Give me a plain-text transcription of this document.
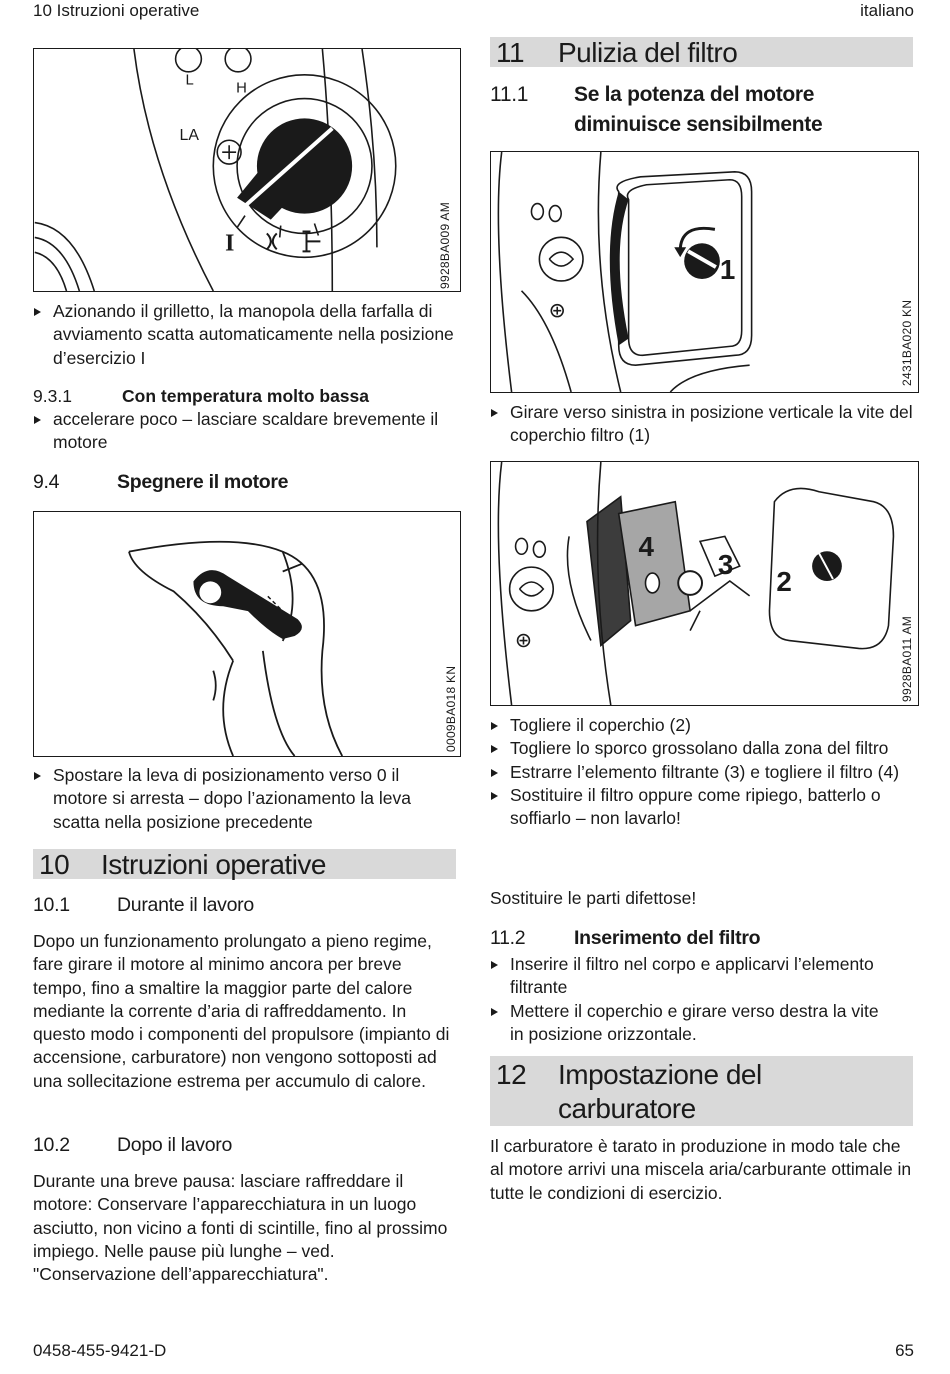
10 Istruzioni operative	italiano
L	H
LA
I	9928BA009 AM
Azionando il grilletto, la manopola della farfalla di avviamento scatta automaticamente nella posizione d’esercizio I
9.3.1	Con temperatura molto bassa
accelerare poco – lasciare scaldare brevemente il motore
9.4	Spegnere il motore
I
0009BA018 KN
Spostare la leva di posizionamento verso 0 il motore si arresta – dopo l’azionamento la leva scatta nella posizione precedente
10	Istruzioni operative
10.1	Durante il lavoro

Dopo un funzionamento prolungato a pieno regime, fare girare il motore al minimo ancora per breve tempo, fino a smaltire la maggior parte del calore mediante la corrente d’aria di raffreddamento. In questo modo i componenti del propulsore (impianto di accensione, carburatore) non vengono sottoposti ad una sollecitazione estrema per accumulo di calore.

10.2	Dopo il lavoro

Durante una breve pausa: lasciare raffreddare il motore: Conservare l’apparecchiatura in un luogo asciutto, non vicino a fonti di scintille, fino al prossimo impiego. Nelle pause più lunghe – ved. "Conservazione dell’apparecchiatura".

11	Pulizia del filtro
11.1	Se la potenza del motore diminuisce sensibilmente
1
2431BA020 KN
Girare verso sinistra in posizione verticale la vite del coperchio filtro (1)
4
3
2
9928BA011 AM
Togliere il coperchio (2)
Togliere lo sporco grossolano dalla zona del filtro
Estrarre l’elemento filtrante (3) e togliere il filtro (4)
Sostituire il filtro oppure come ripiego, batterlo o soffiarlo – non lavarlo!

Sostituire le parti difettose!

11.2	Inserimento del filtro
Inserire il filtro nel corpo e applicarvi l’elemento filtrante
Mettere il coperchio e girare verso destra la vite in posizione orizzontale.
12	Impostazione del carburatore

Il carburatore è tarato in produzione in modo tale che al motore arrivi una miscela aria/carburante ottimale in tutte le condizioni di esercizio.

0458-455-9421-D	65
